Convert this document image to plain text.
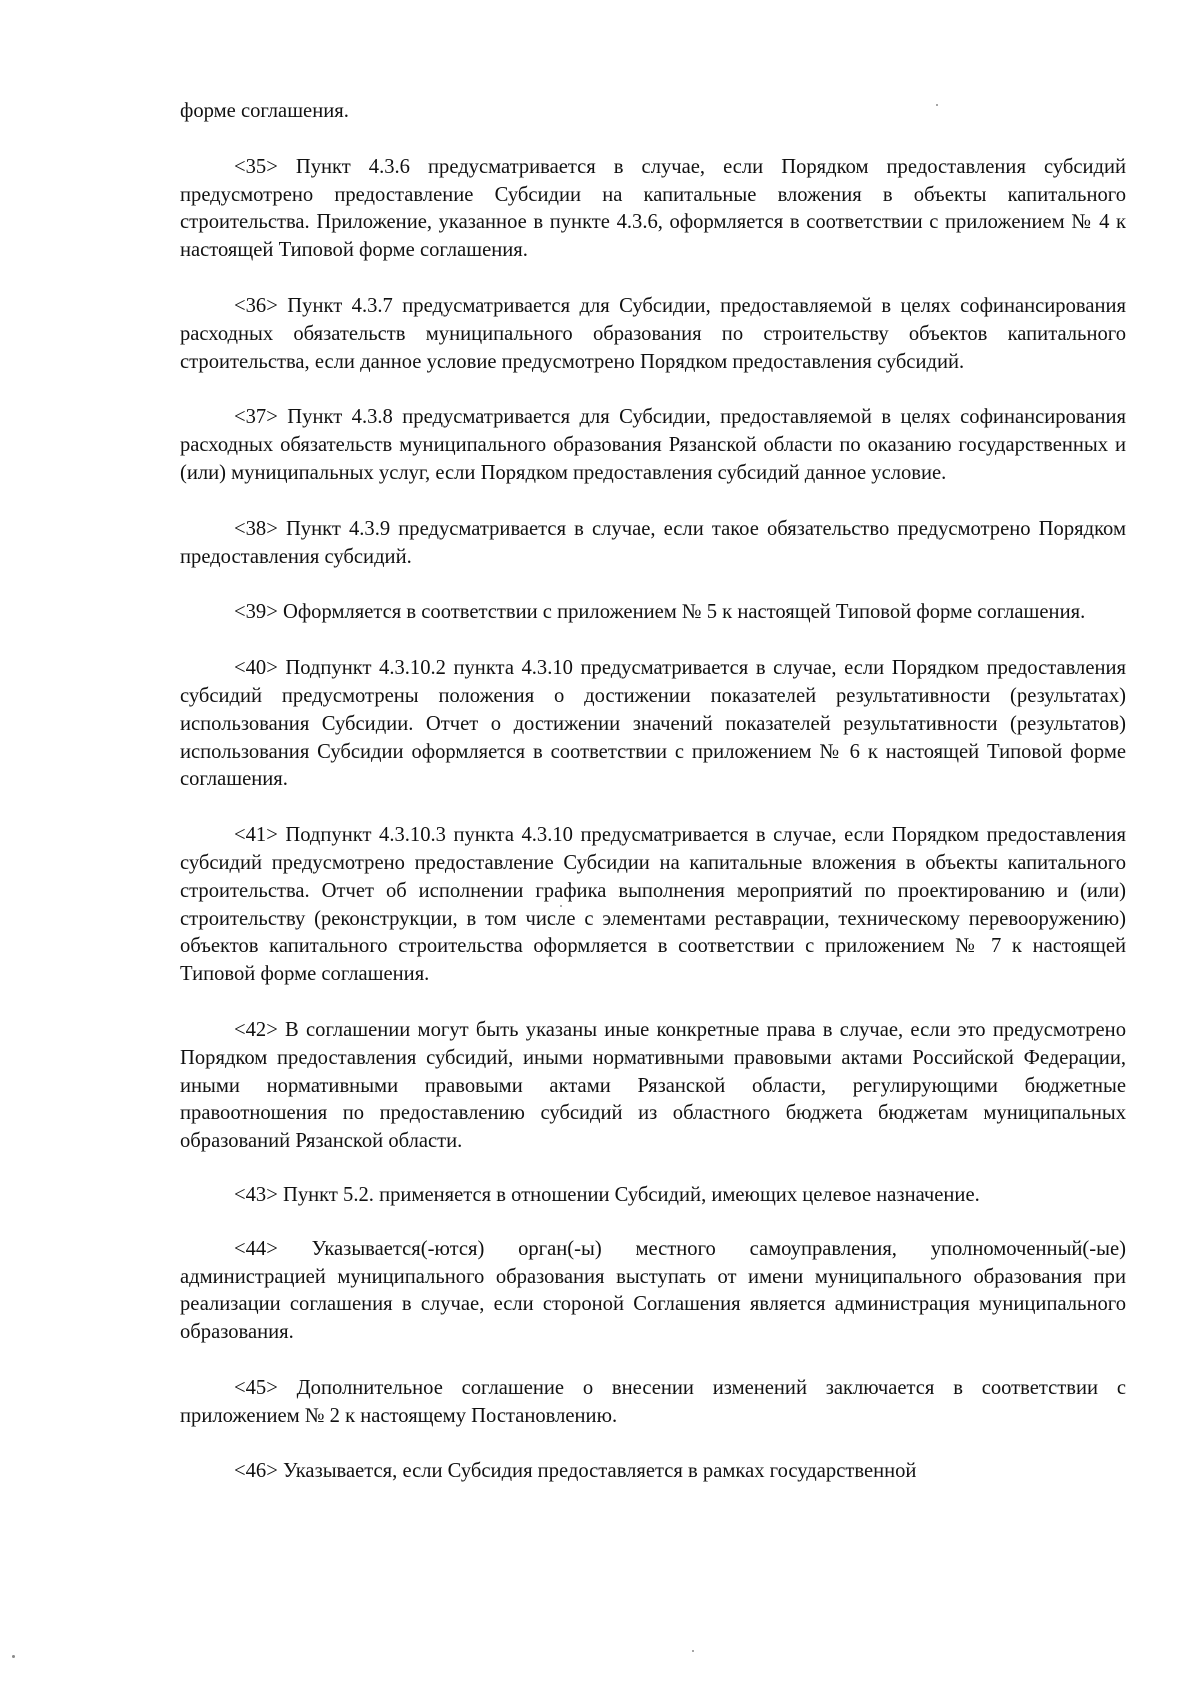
форме соглашения.

<35> Пункт 4.3.6 предусматривается в случае, если Порядком предоставления субсидий предусмотрено предоставление Субсидии на капитальные вложения в объекты капитального строительства. Приложение, указанное в пункте 4.3.6, оформляется в соответствии с приложением № 4 к настоящей Типовой форме соглашения.

<36> Пункт 4.3.7 предусматривается для Субсидии, предоставляемой в целях софинансирования расходных обязательств муниципального образования по строительству объектов капитального строительства, если данное условие предусмотрено Порядком предоставления субсидий.

<37> Пункт 4.3.8 предусматривается для Субсидии, предоставляемой в целях софинансирования расходных обязательств муниципального образования Рязанской области по оказанию государственных и (или) муниципальных услуг, если Порядком предоставления субсидий данное условие.

<38> Пункт 4.3.9 предусматривается в случае, если такое обязательство предусмотрено Порядком предоставления субсидий.

<39> Оформляется в соответствии с приложением № 5 к настоящей Типовой форме соглашения.

<40> Подпункт 4.3.10.2 пункта 4.3.10 предусматривается в случае, если Порядком предоставления субсидий предусмотрены положения о достижении показателей результативности (результатах) использования Субсидии. Отчет о достижении значений показателей результативности (результатов) использования Субсидии оформляется в соответствии с приложением № 6 к настоящей Типовой форме соглашения.

<41> Подпункт 4.3.10.3 пункта 4.3.10 предусматривается в случае, если Порядком предоставления субсидий предусмотрено предоставление Субсидии на капитальные вложения в объекты капитального строительства. Отчет об исполнении графика выполнения мероприятий по проектированию и (или) строительству (реконструкции, в том числе с элементами реставрации, техническому перевооружению) объектов капитального строительства оформляется в соответствии с приложением № 7 к настоящей Типовой форме соглашения.

<42> В соглашении могут быть указаны иные конкретные права в случае, если это предусмотрено Порядком предоставления субсидий, иными нормативными правовыми актами Российской Федерации, иными нормативными правовыми актами Рязанской области, регулирующими бюджетные правоотношения по предоставлению субсидий из областного бюджета бюджетам муниципальных образований Рязанской области.

<43> Пункт 5.2. применяется в отношении Субсидий, имеющих целевое назначение.

<44> Указывается(-ются) орган(-ы) местного самоуправления, уполномоченный(-ые) администрацией муниципального образования выступать от имени муниципального образования при реализации соглашения в случае, если стороной Соглашения является администрация муниципального образования.

<45> Дополнительное соглашение о внесении изменений заключается в соответствии с приложением № 2 к настоящему Постановлению.

<46> Указывается, если Субсидия предоставляется в рамках государственной
